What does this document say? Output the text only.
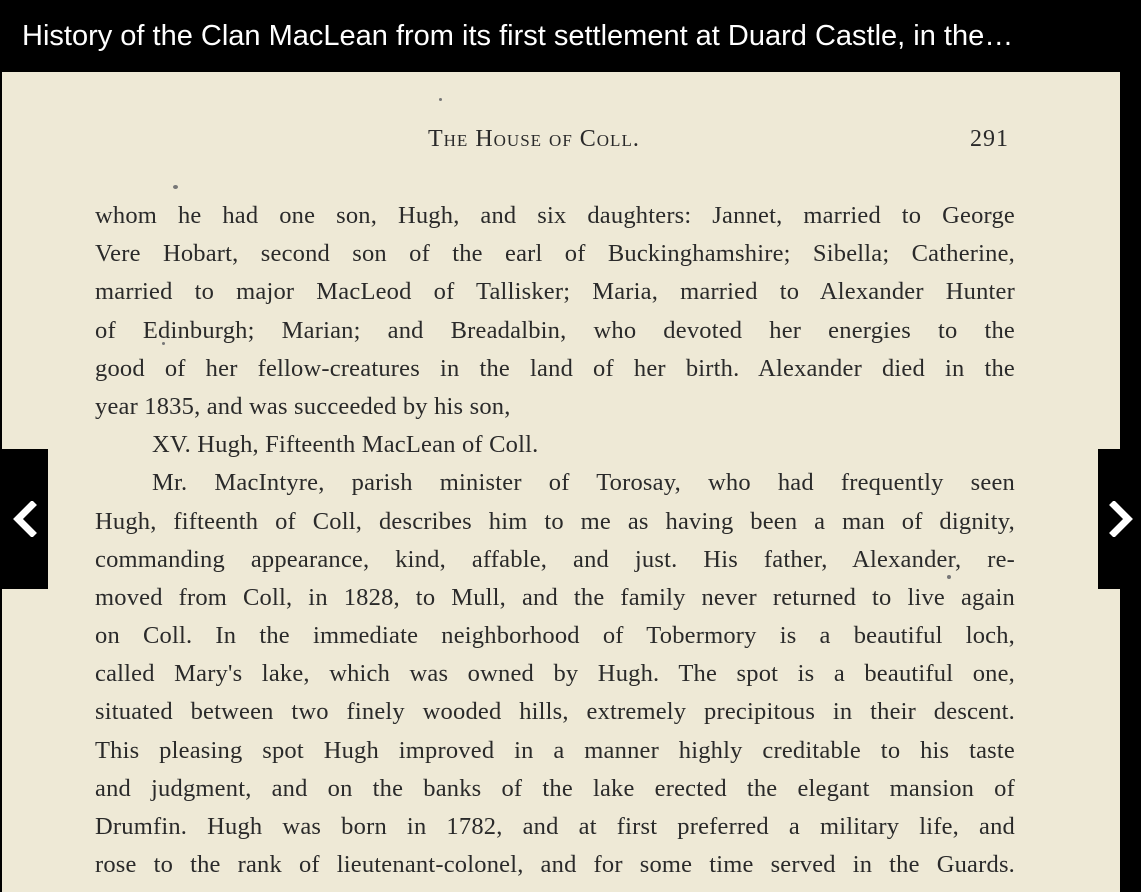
History of the Clan MacLean from its first settlement at Duard Castle, in the…
The House of Coll.	291
whom he had one son, Hugh, and six daughters: Jannet, married to George
Vere Hobart, second son of the earl of Buckinghamshire; Sibella; Catherine,
married to major MacLeod of Tallisker; Maria, married to Alexander Hunter
of Edinburgh; Marian; and Breadalbin, who devoted her energies to the
good of her fellow-creatures in the land of her birth. Alexander died in the
year 1835, and was succeeded by his son,
XV. Hugh, Fifteenth MacLean of Coll.
Mr. MacIntyre, parish minister of Torosay, who had frequently seen
Hugh, fifteenth of Coll, describes him to me as having been a man of dignity,
commanding appearance, kind, affable, and just. His father, Alexander, re-
moved from Coll, in 1828, to Mull, and the family never returned to live again
on Coll. In the immediate neighborhood of Tobermory is a beautiful loch,
called Mary's lake, which was owned by Hugh. The spot is a beautiful one,
situated between two finely wooded hills, extremely precipitous in their descent.
This pleasing spot Hugh improved in a manner highly creditable to his taste
and judgment, and on the banks of the lake erected the elegant mansion of
Drumfin. Hugh was born in 1782, and at first preferred a military life, and
rose to the rank of lieutenant-colonel, and for some time served in the Guards.
